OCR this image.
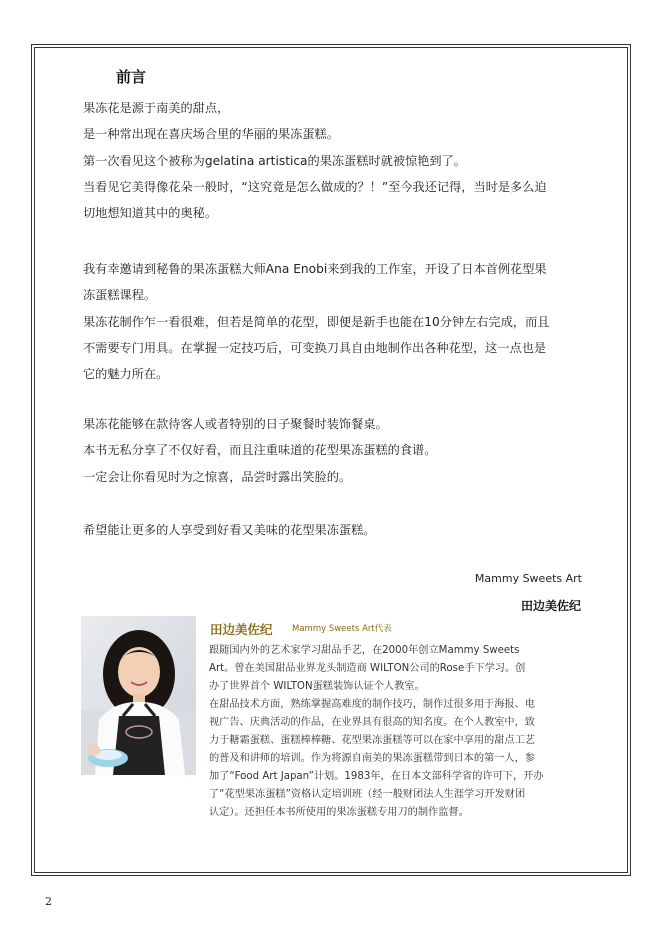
前言

果冻花是源于南美的甜点，

是一种常出现在喜庆场合里的华丽的果冻蛋糕。

第一次看见这个被称为gelatina artistica的果冻蛋糕时就被惊艳到了。

当看见它美得像花朵一般时，“这究竟是怎么做成的？！”至今我还记得，当时是多么迫

切地想知道其中的奥秘。

我有幸邀请到秘鲁的果冻蛋糕大师Ana Enobi来到我的工作室，开设了日本首例花型果

冻蛋糕课程。

果冻花制作乍一看很难，但若是简单的花型，即便是新手也能在10分钟左右完成，而且

不需要专门用具。在掌握一定技巧后，可变换刀具自由地制作出各种花型，这一点也是

它的魅力所在。

果冻花能够在款待客人或者特别的日子聚餐时装饰餐桌。

本书无私分享了不仅好看，而且注重味道的花型果冻蛋糕的食谱。

一定会让你看见时为之惊喜，品尝时露出笑脸的。

希望能让更多的人享受到好看又美味的花型果冻蛋糕。

Mammy Sweets Art
田边美佐纪
田边美佐纪 Mammy Sweets Art代表

跟随国内外的艺术家学习甜品手艺，在2000年创立Mammy Sweets

Art。曾在美国甜品业界龙头制造商 WILTON公司的Rose手下学习。创

办了世界首个 WILTON蛋糕装饰认证个人教室。

在甜品技术方面，熟练掌握高难度的制作技巧，制作过很多用于海报、电

视广告、庆典活动的作品，在业界具有很高的知名度。在个人教室中，致

力于糖霜蛋糕、蛋糕棒棒糖、花型果冻蛋糕等可以在家中享用的甜点工艺

的普及和讲师的培训。作为将源自南美的果冻蛋糕带到日本的第一人，参

加了“Food Art Japan”计划。1983年，在日本文部科学省的许可下，开办

了“花型果冻蛋糕”资格认定培训班（经一般财团法人生涯学习开发财团

认定）。还担任本书所使用的果冻蛋糕专用刀的制作监督。

2
